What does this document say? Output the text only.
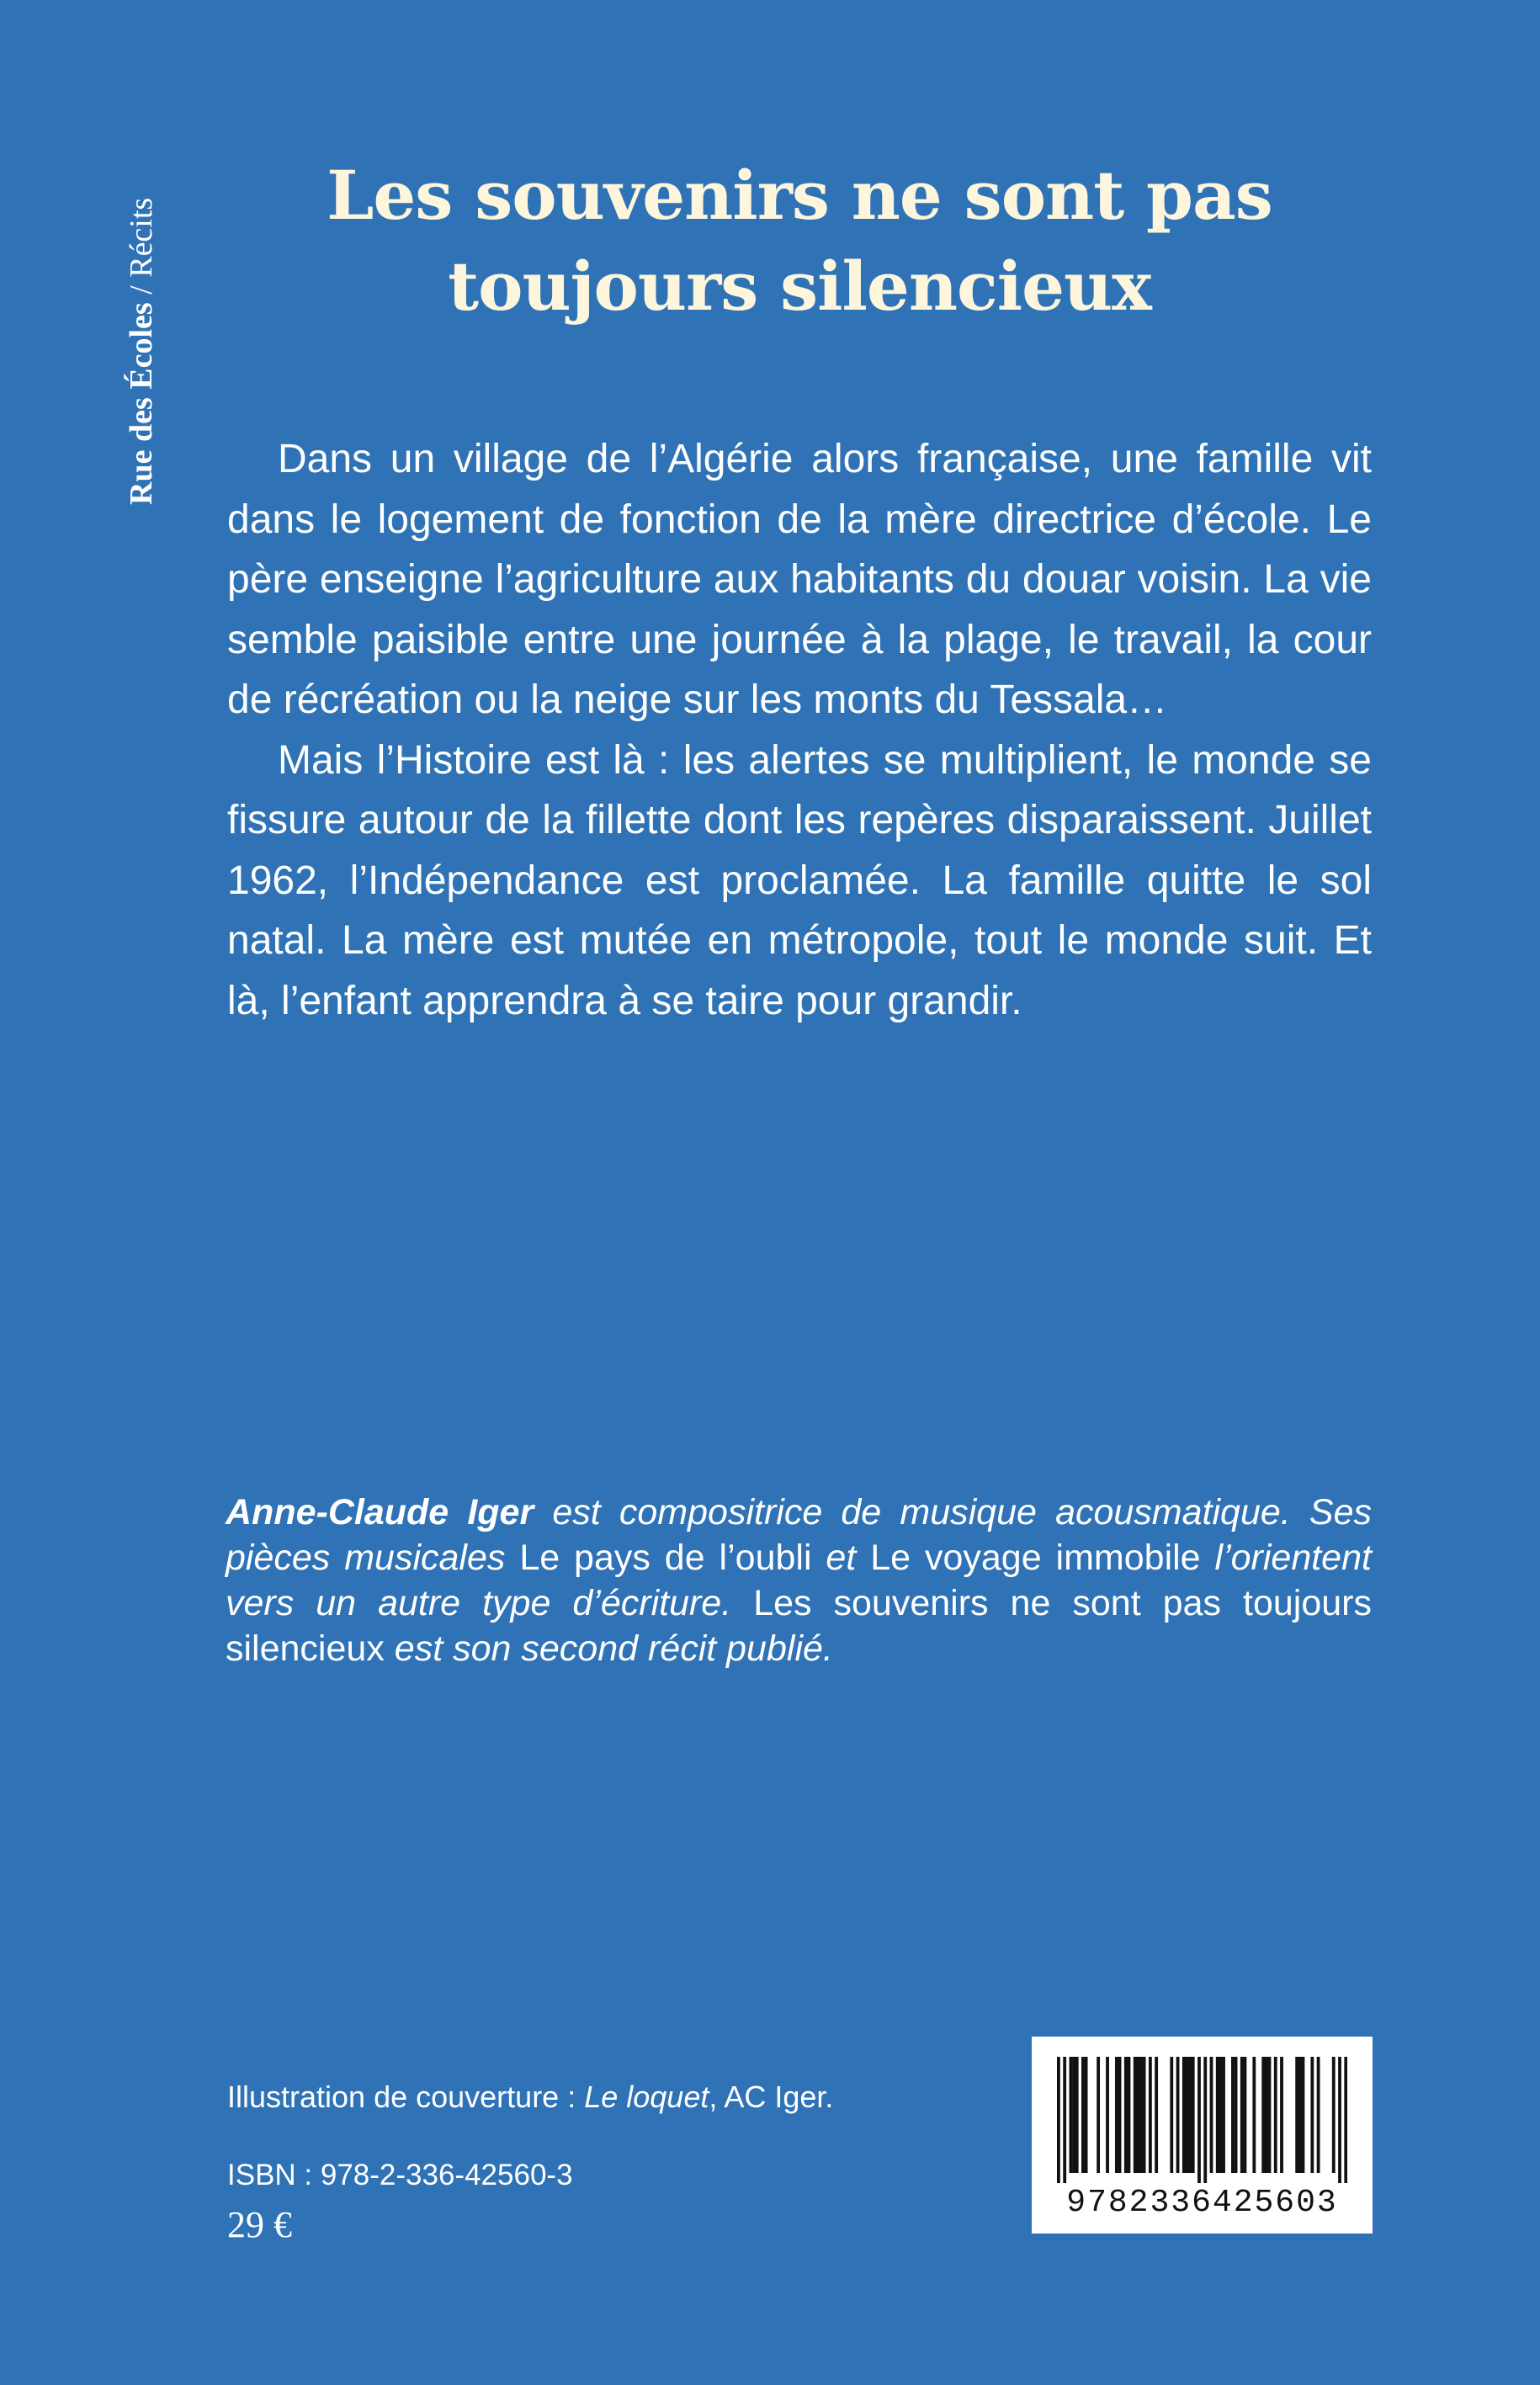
Rue des Écoles / Récits
Les souvenirs ne sont pas
toujours silencieux

Dans un village de l’Algérie alors française, une famille vit dans le logement de fonction de la mère directrice d’école. Le père enseigne l’agriculture aux habitants du douar voisin. La vie semble paisible entre une journée à la plage, le travail, la cour de récréation ou la neige sur les monts du Tessala…

Mais l’Histoire est là : les alertes se multiplient, le monde se fissure autour de la fillette dont les repères disparaissent. Juillet 1962, l’Indépendance est proclamée. La famille quitte le sol natal. La mère est mutée en métropole, tout le monde suit. Et là, l’enfant apprendra à se taire pour grandir.

Anne-Claude Iger est compositrice de musique acousmatique. Ses pièces musicales Le pays de l’oubli et Le voyage immobile l’orientent vers un autre type d’écriture. Les souvenirs ne sont pas toujours silencieux est son second récit publié.
Illustration de couverture : Le loquet, AC Iger.
ISBN : 978-2-336-42560-3
29 €
9782336425603
